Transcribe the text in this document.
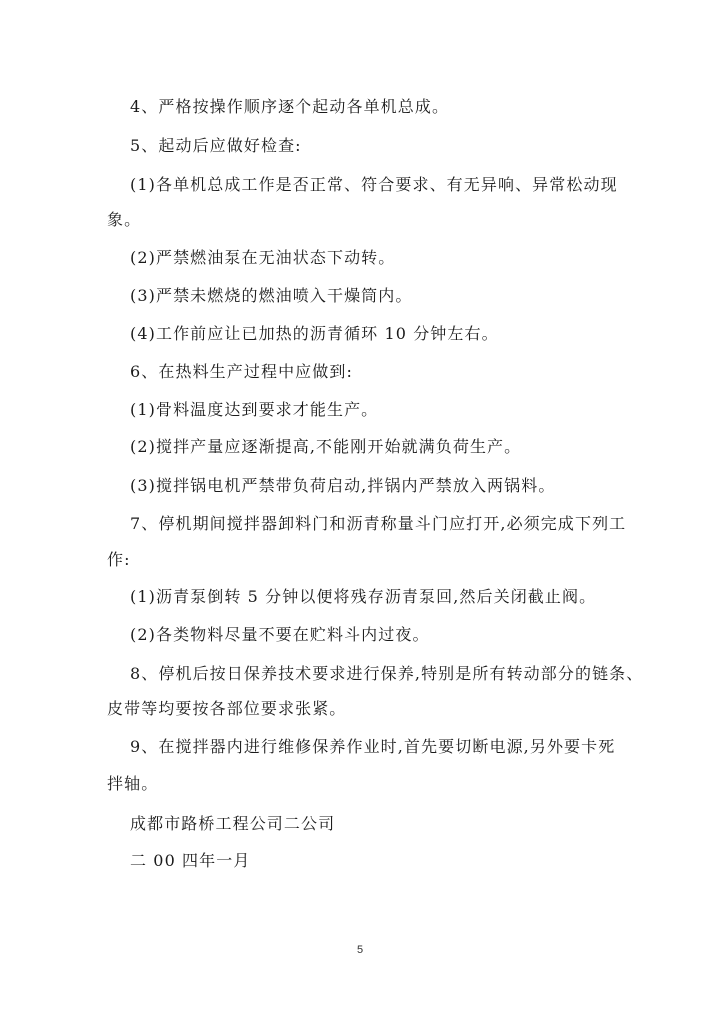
4、严格按操作顺序逐个起动各单机总成。
5、起动后应做好检查:
(1)各单机总成工作是否正常、符合要求、有无异响、异常松动现
象。
(2)严禁燃油泵在无油状态下动转。
(3)严禁未燃烧的燃油喷入干燥筒内。
(4)工作前应让已加热的沥青循环 10 分钟左右。
6、在热料生产过程中应做到:
(1)骨料温度达到要求才能生产。
(2)搅拌产量应逐渐提高,不能刚开始就满负荷生产。
(3)搅拌锅电机严禁带负荷启动,拌锅内严禁放入两锅料。
7、停机期间搅拌器卸料门和沥青称量斗门应打开,必须完成下列工
作:
(1)沥青泵倒转 5 分钟以便将残存沥青泵回,然后关闭截止阀。
(2)各类物料尽量不要在贮料斗内过夜。
8、停机后按日保养技术要求进行保养,特别是所有转动部分的链条、
皮带等均要按各部位要求张紧。
9、在搅拌器内进行维修保养作业时,首先要切断电源,另外要卡死
拌轴。
成都市路桥工程公司二公司
二 00 四年一月
5
